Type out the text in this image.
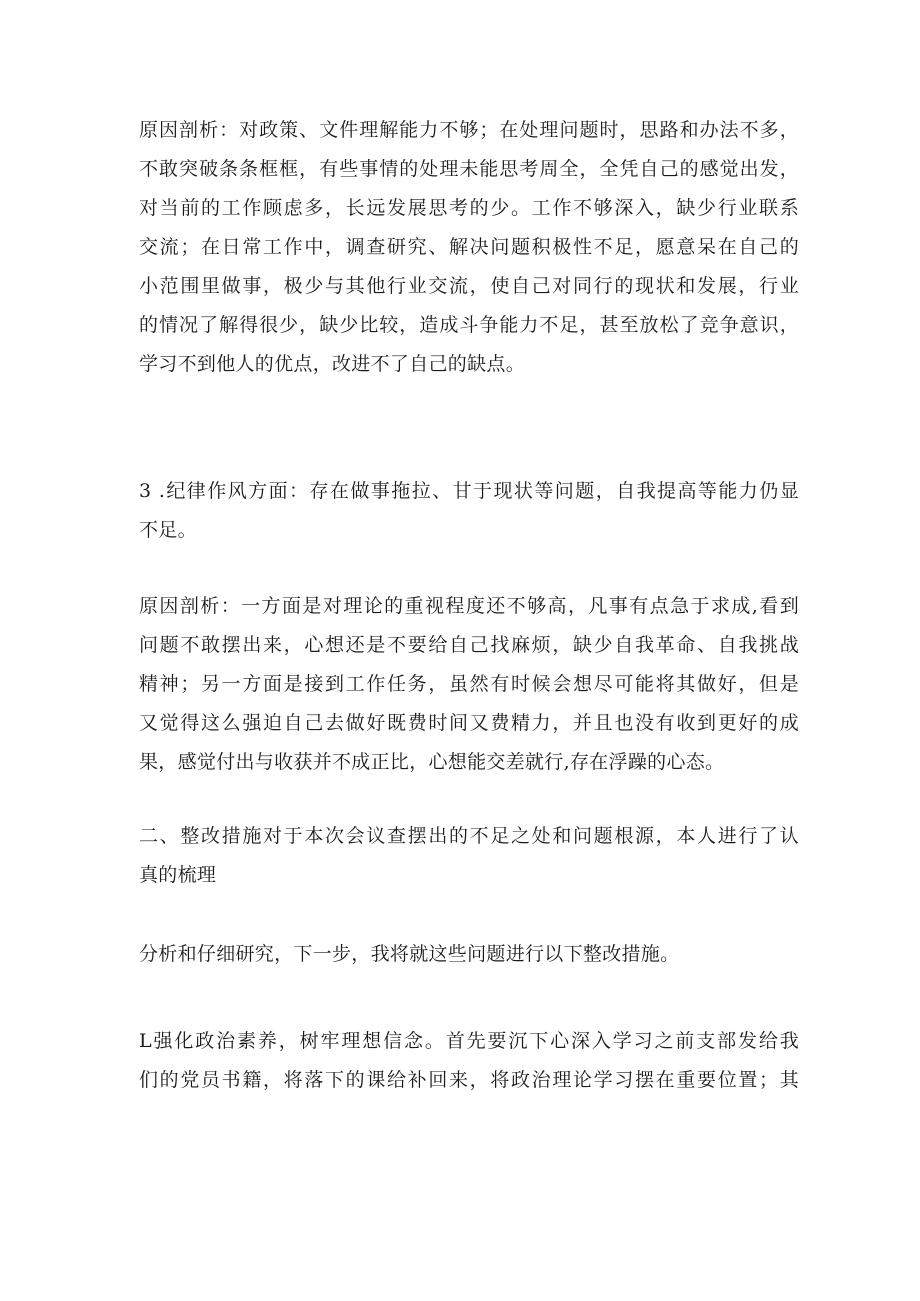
原因剖析：对政策、文件理解能力不够；在处理问题时，思路和办法不多，
不敢突破条条框框，有些事情的处理未能思考周全，全凭自己的感觉出发，
对当前的工作顾虑多，长远发展思考的少。工作不够深入，缺少行业联系
交流；在日常工作中，调查研究、解决问题积极性不足，愿意呆在自己的
小范围里做事，极少与其他行业交流，使自己对同行的现状和发展，行业
的情况了解得很少，缺少比较，造成斗争能力不足，甚至放松了竞争意识，
学习不到他人的优点，改进不了自己的缺点。
3 .纪律作风方面：存在做事拖拉、甘于现状等问题，自我提高等能力仍显
不足。
原因剖析：一方面是对理论的重视程度还不够高，凡事有点急于求成,看到
问题不敢摆出来，心想还是不要给自己找麻烦，缺少自我革命、自我挑战
精神；另一方面是接到工作任务，虽然有时候会想尽可能将其做好，但是
又觉得这么强迫自己去做好既费时间又费精力，并且也没有收到更好的成
果，感觉付出与收获并不成正比，心想能交差就行,存在浮躁的心态。
二、整改措施对于本次会议查摆出的不足之处和问题根源，本人进行了认
真的梳理
分析和仔细研究，下一步，我将就这些问题进行以下整改措施。
L强化政治素养，树牢理想信念。首先要沉下心深入学习之前支部发给我
们的党员书籍，将落下的课给补回来，将政治理论学习摆在重要位置；其
